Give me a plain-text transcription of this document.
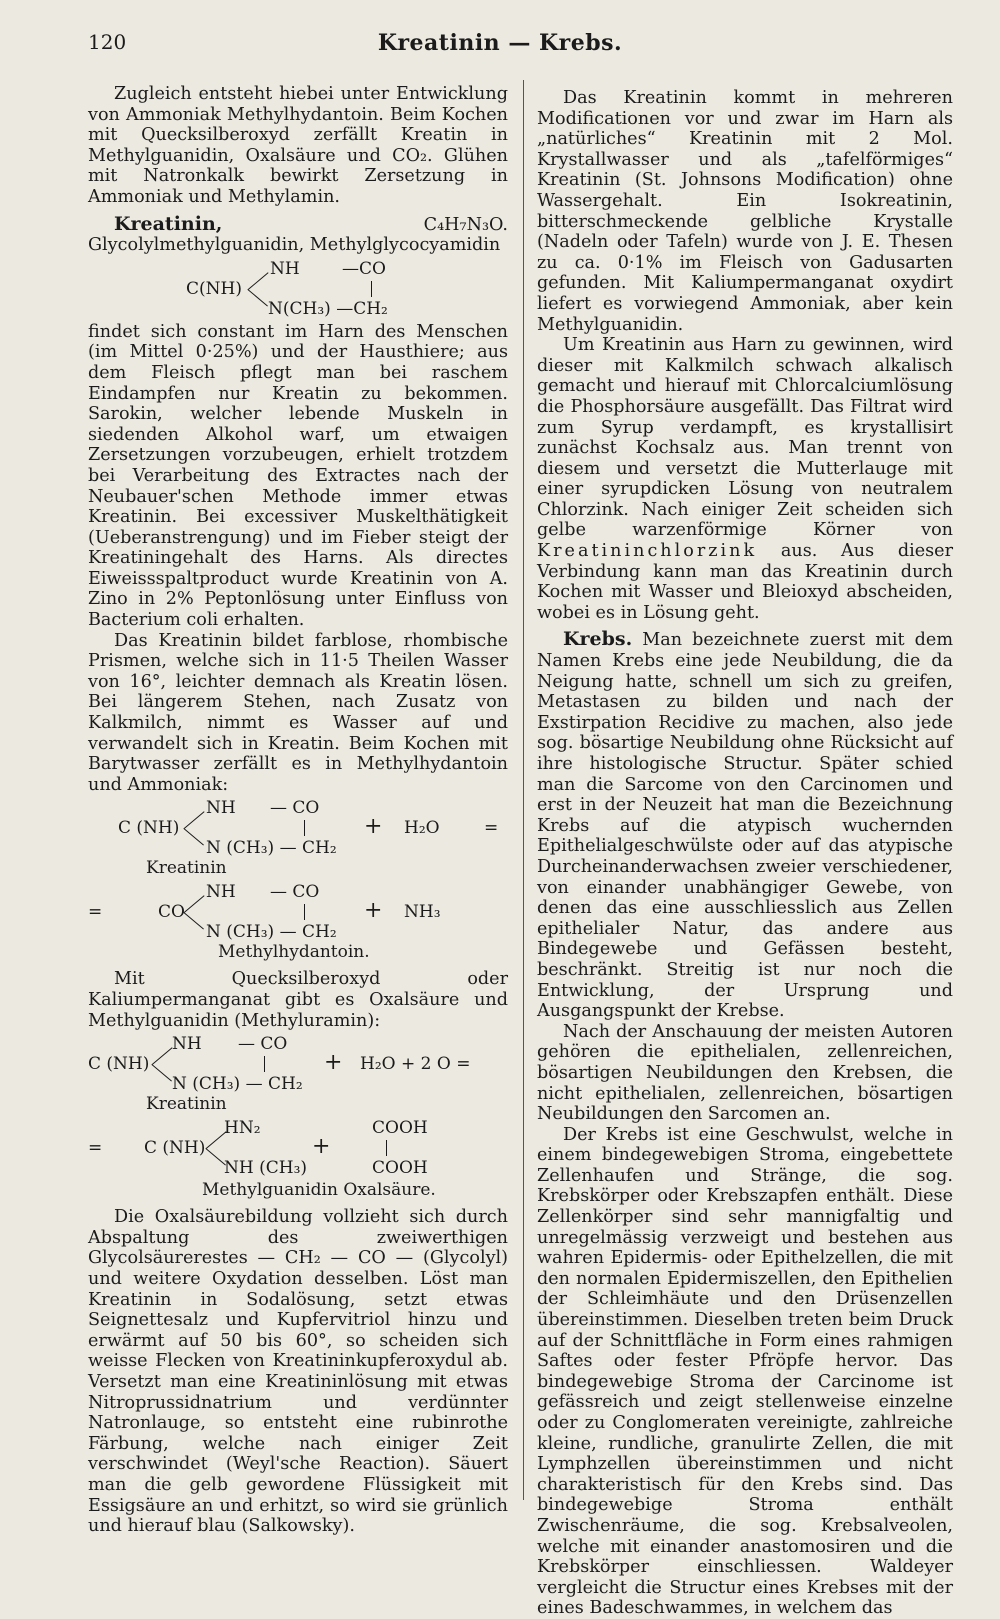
120	Kreatinin — Krebs.

Zugleich entsteht hiebei unter Entwicklung von Ammoniak Methylhydantoin. Beim Kochen mit Quecksilberoxyd zerfällt Kreatin in Methylguanidin, Oxalsäure und CO₂. Glühen mit Natronkalk bewirkt Zersetzung in Ammoniak und Methylamin.

Kreatinin, C₄H₇N₃O. Glycolylmethylguanidin, Methylglycocyamidin

C(NH)
NH —CO
N(CH₃) —CH₂

findet sich constant im Harn des Menschen (im Mittel 0·25%) und der Hausthiere; aus dem Fleisch pflegt man bei raschem Eindampfen nur Kreatin zu bekommen. Sarokin, welcher lebende Muskeln in siedenden Alkohol warf, um etwaigen Zersetzungen vorzubeugen, erhielt trotzdem bei Verarbeitung des Extractes nach der Neubauer'schen Methode immer etwas Kreatinin. Bei excessiver Muskelthätigkeit (Ueberanstrengung) und im Fieber steigt der Kreatiningehalt des Harns. Als directes Eiweissspaltproduct wurde Kreatinin von A. Zino in 2% Peptonlösung unter Einfluss von Bacterium coli erhalten.

Das Kreatinin bildet farblose, rhombische Prismen, welche sich in 11·5 Theilen Wasser von 16°, leichter demnach als Kreatin lösen. Bei längerem Stehen, nach Zusatz von Kalkmilch, nimmt es Wasser auf und verwandelt sich in Kreatin. Beim Kochen mit Barytwasser zerfällt es in Methylhydantoin und Ammoniak:

C (NH)
NH — CO
N (CH₃) — CH₂
+ H₂O	=
Kreatinin
=	CO
NH — CO
N (CH₃) — CH₂
+ NH₃
Methylhydantoin.

Mit Quecksilberoxyd oder Kaliumpermanganat gibt es Oxalsäure und Methylguanidin (Methyluramin):

C (NH)
NH — CO
N (CH₃) — CH₂
+ H₂O + 2 O =
Kreatinin
= C (NH)
HN₂
NH (CH₃)
+
COOH
COOH
Methylguanidin Oxalsäure.

Die Oxalsäurebildung vollzieht sich durch Abspaltung des zweiwerthigen Glycolsäurerestes — CH₂ — CO — (Glycolyl) und weitere Oxydation desselben. Löst man Kreatinin in Sodalösung, setzt etwas Seignettesalz und Kupfervitriol hinzu und erwärmt auf 50 bis 60°, so scheiden sich weisse Flecken von Kreatininkupferoxydul ab. Versetzt man eine Kreatininlösung mit etwas Nitroprussidnatrium und verdünnter Natronlauge, so entsteht eine rubinrothe Färbung, welche nach einiger Zeit verschwindet (Weyl'sche Reaction). Säuert man die gelb gewordene Flüssigkeit mit Essigsäure an und erhitzt, so wird sie grünlich und hierauf blau (Salkowsky).

Das Kreatinin kommt in mehreren Modificationen vor und zwar im Harn als „natürliches“ Kreatinin mit 2 Mol. Krystallwasser und als „tafelförmiges“ Kreatinin (St. Johnsons Modification) ohne Wassergehalt. Ein Isokreatinin, bitterschmeckende gelbliche Krystalle (Nadeln oder Tafeln) wurde von J. E. Thesen zu ca. 0·1% im Fleisch von Gadusarten gefunden. Mit Kaliumpermanganat oxydirt liefert es vorwiegend Ammoniak, aber kein Methylguanidin.

Um Kreatinin aus Harn zu gewinnen, wird dieser mit Kalkmilch schwach alkalisch gemacht und hierauf mit Chlorcalciumlösung die Phosphorsäure ausgefällt. Das Filtrat wird zum Syrup verdampft, es krystallisirt zunächst Kochsalz aus. Man trennt von diesem und versetzt die Mutterlauge mit einer syrupdicken Lösung von neutralem Chlorzink. Nach einiger Zeit scheiden sich gelbe warzenförmige Körner von Kreatininchlorzink aus. Aus dieser Verbindung kann man das Kreatinin durch Kochen mit Wasser und Bleioxyd abscheiden, wobei es in Lösung geht.

Krebs. Man bezeichnete zuerst mit dem Namen Krebs eine jede Neubildung, die da Neigung hatte, schnell um sich zu greifen, Metastasen zu bilden und nach der Exstirpation Recidive zu machen, also jede sog. bösartige Neubildung ohne Rücksicht auf ihre histologische Structur. Später schied man die Sarcome von den Carcinomen und erst in der Neuzeit hat man die Bezeichnung Krebs auf die atypisch wuchernden Epithelialgeschwülste oder auf das atypische Durcheinanderwachsen zweier verschiedener, von einander unabhängiger Gewebe, von denen das eine ausschliesslich aus Zellen epithelialer Natur, das andere aus Bindegewebe und Gefässen besteht, beschränkt. Streitig ist nur noch die Entwicklung, der Ursprung und Ausgangspunkt der Krebse.

Nach der Anschauung der meisten Autoren gehören die epithelialen, zellenreichen, bösartigen Neubildungen den Krebsen, die nicht epithelialen, zellenreichen, bösartigen Neubildungen den Sarcomen an.

Der Krebs ist eine Geschwulst, welche in einem bindegewebigen Stroma, eingebettete Zellenhaufen und Stränge, die sog. Krebskörper oder Krebszapfen enthält. Diese Zellenkörper sind sehr mannigfaltig und unregelmässig verzweigt und bestehen aus wahren Epidermis- oder Epithelzellen, die mit den normalen Epidermiszellen, den Epithelien der Schleimhäute und den Drüsenzellen übereinstimmen. Dieselben treten beim Druck auf der Schnittfläche in Form eines rahmigen Saftes oder fester Pfröpfe hervor. Das bindegewebige Stroma der Carcinome ist gefässreich und zeigt stellenweise einzelne oder zu Conglomeraten vereinigte, zahlreiche kleine, rundliche, granulirte Zellen, die mit Lymphzellen übereinstimmen und nicht charakteristisch für den Krebs sind. Das bindegewebige Stroma enthält Zwischenräume, die sog. Krebsalveolen, welche mit einander anastomosiren und die Krebskörper einschliessen. Waldeyer vergleicht die Structur eines Krebses mit der eines Badeschwammes, in welchem das
